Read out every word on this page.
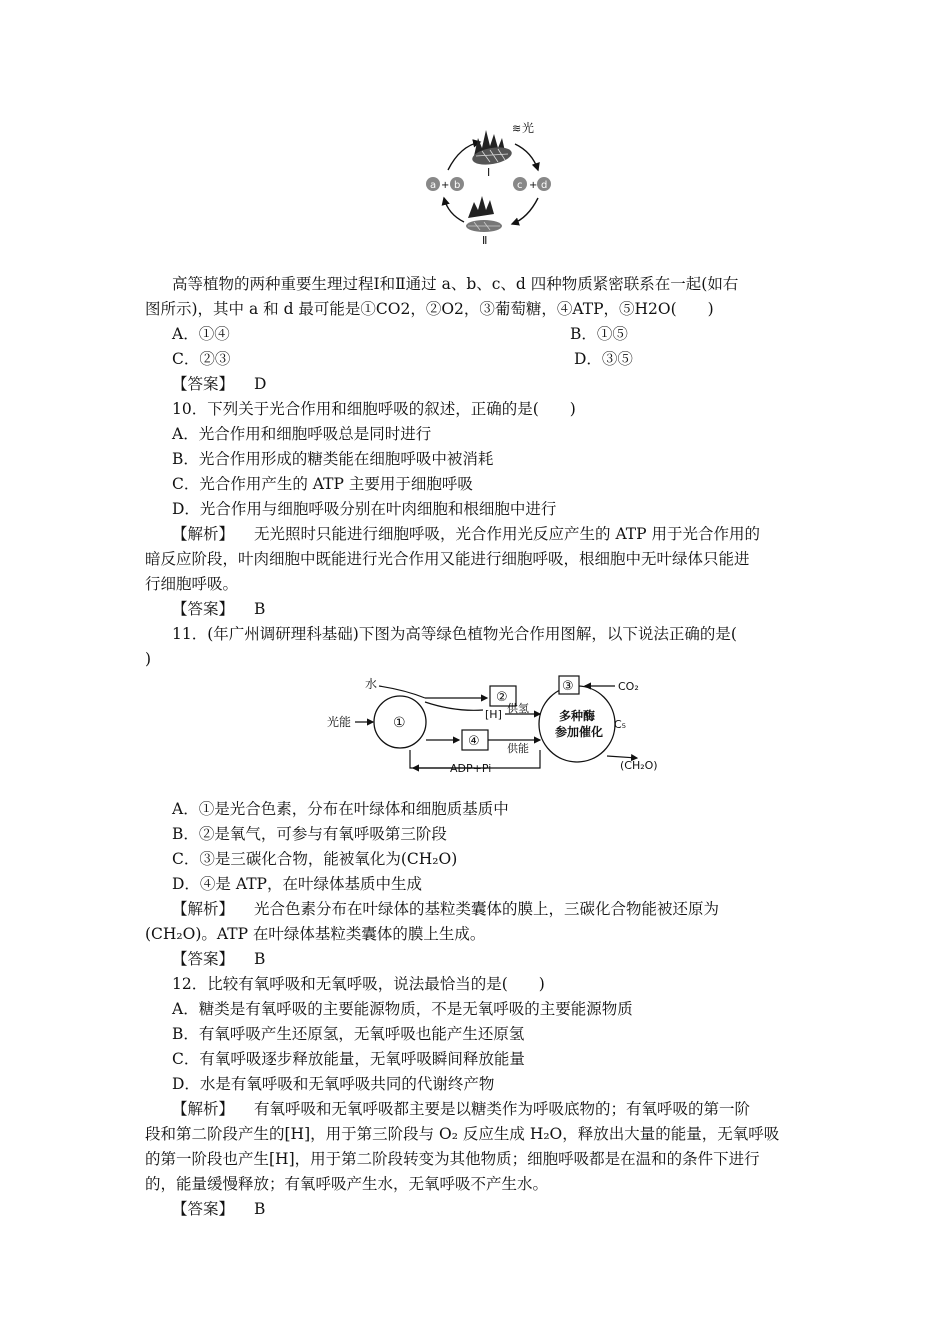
≋ 光
Ⅰ
a + b	c + d
Ⅱ
高等植物的两种重要生理过程Ⅰ和Ⅱ通过 a、b、c、d 四种物质紧密联系在一起(如右
图所示)，其中 a 和 d 最可能是①CO2，②O2，③葡萄糖，④ATP，⑤H2O(　　)
A．①④	B．①⑤
C．②③	D．③⑤
【答案】 D
10．下列关于光合作用和细胞呼吸的叙述，正确的是(　　)
A．光合作用和细胞呼吸总是同时进行
B．光合作用形成的糖类能在细胞呼吸中被消耗
C．光合作用产生的 ATP 主要用于细胞呼吸
D．光合作用与细胞呼吸分别在叶肉细胞和根细胞中进行
【解析】 无光照时只能进行细胞呼吸，光合作用光反应产生的 ATP 用于光合作用的
暗反应阶段，叶肉细胞中既能进行光合作用又能进行细胞呼吸，根细胞中无叶绿体只能进
行细胞呼吸。
【答案】 B
11．(年广州调研理科基础)下图为高等绿色植物光合作用图解，以下说法正确的是(
)
①
光能
水
②
[H] 供氢
④ 供能
ADP+Pi
多种酶
参加催化
③	CO₂
C₅
(CH₂O)
A．①是光合色素，分布在叶绿体和细胞质基质中
B．②是氧气，可参与有氧呼吸第三阶段
C．③是三碳化合物，能被氧化为(CH₂O)
D．④是 ATP，在叶绿体基质中生成
【解析】 光合色素分布在叶绿体的基粒类囊体的膜上，三碳化合物能被还原为
(CH₂O)。ATP 在叶绿体基粒类囊体的膜上生成。
【答案】 B
12．比较有氧呼吸和无氧呼吸，说法最恰当的是(　　)
A．糖类是有氧呼吸的主要能源物质，不是无氧呼吸的主要能源物质
B．有氧呼吸产生还原氢，无氧呼吸也能产生还原氢
C．有氧呼吸逐步释放能量，无氧呼吸瞬间释放能量
D．水是有氧呼吸和无氧呼吸共同的代谢终产物
【解析】 有氧呼吸和无氧呼吸都主要是以糖类作为呼吸底物的；有氧呼吸的第一阶
段和第二阶段产生的[H]，用于第三阶段与 O₂ 反应生成 H₂O，释放出大量的能量，无氧呼吸
的第一阶段也产生[H]，用于第二阶段转变为其他物质；细胞呼吸都是在温和的条件下进行
的，能量缓慢释放；有氧呼吸产生水，无氧呼吸不产生水。
【答案】 B
